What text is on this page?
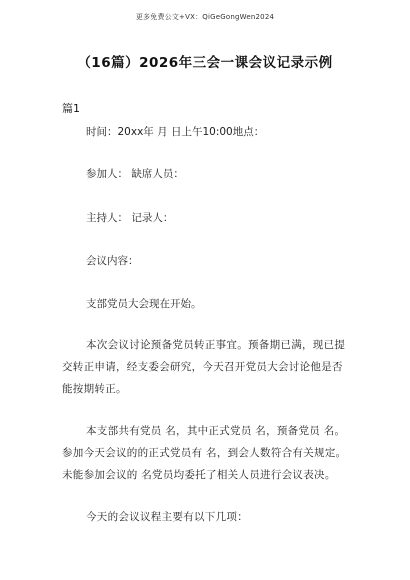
更多免费公文+VX：QiGeGongWen2024
（16篇）2026年三会一课会议记录示例
篇1
时间：20xx年 月 日上午10:00地点：
参加人： 缺席人员：
主持人： 记录人：
会议内容：
支部党员大会现在开始。
本次会议讨论预备党员转正事宜。预备期已满，现已提交转正申请，经支委会研究，今天召开党员大会讨论他是否能按期转正。
本支部共有党员 名，其中正式党员 名，预备党员 名。参加今天会议的的正式党员有 名，到会人数符合有关规定。未能参加会议的 名党员均委托了相关人员进行会议表决。
今天的会议议程主要有以下几项：
